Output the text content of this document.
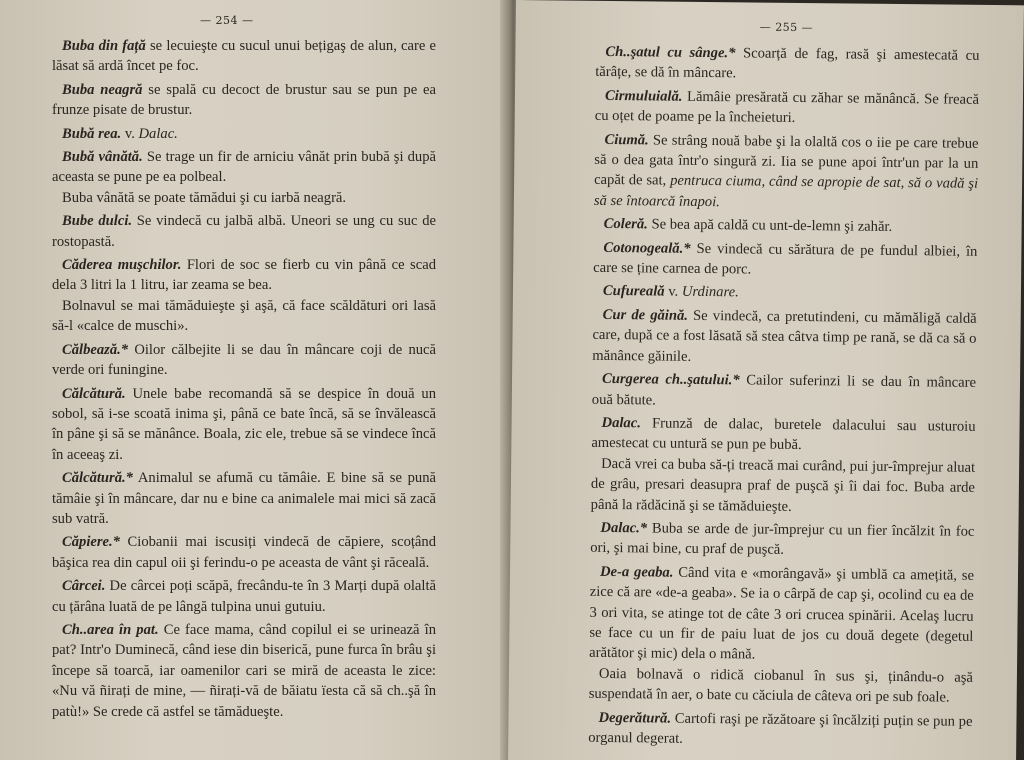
— 254 —

Buba din față se lecuieşte cu sucul unui bețigaş de alun, care e lăsat să ardă încet pe foc.

Buba neagră se spală cu decoct de brustur sau se pun pe ea frunze pisate de brustur.

Bubă rea. v. Dalac.

Bubă vânătă. Se trage un fir de arniciu vânăt prin bubă şi după aceasta se pune pe ea polbeal.

Buba vânătă se poate tămădui şi cu iarbă neagră.

Bube dulci. Se vindecă cu jalbă albă. Uneori se ung cu suc de rostopastă.

Căderea muşchilor. Flori de soc se fierb cu vin până ce scad dela 3 litri la 1 litru, iar zeama se bea.

Bolnavul se mai tămăduieşte şi aşă, că face scăldături ori lasă să-l «calce de muschi».

Călbează.* Oilor călbejite li se dau în mâncare coji de nucă verde ori funingine.

Călcătură. Unele babe recomandă să se despice în două un sobol, să i-se scoată inima şi, până ce bate încă, să se învălească în pâne şi să se mănânce. Boala, zic ele, trebue să se vindece încă în aceeaş zi.

Călcătură.* Animalul se afumă cu tămâie. E bine să se pună tămâie şi în mâncare, dar nu e bine ca animalele mai mici să zacă sub vatră.

Căpiere.* Ciobanii mai iscusiți vindecă de căpiere, scoțând băşica rea din capul oii şi ferindu-o pe aceasta de vânt şi răceală.

Cârcei. De cârcei poți scăpă, frecându-te în 3 Marți după olaltă cu țărâna luată de pe lângă tulpina unui gutuiu.

Ch..area în pat. Ce face mama, când copilul ei se urinează în pat? Intr'o Duminecă, când iese din biserică, pune furca în brâu şi începe să toarcă, iar oamenilor cari se miră de aceasta le zice: «Nu vă ñirați de mine, — ñirați-vă de băiatu ïesta că să ch..şă în patù!» Se crede că astfel se tămădueşte.

— 255 —

Ch..şatul cu sânge.* Scoarță de fag, rasă şi amestecată cu tărâțe, se dă în mâncare.

Cirmuluială. Lămâie presărată cu zăhar se mănâncă. Se freacă cu oțet de poame pe la încheieturi.

Ciumă. Se strâng nouă babe şi la olaltă cos o iie pe care trebue să o dea gata într'o singură zi. Iia se pune apoi într'un par la un capăt de sat, pentruca ciuma, când se apropie de sat, să o vadă şi să se întoarcă înapoi.

Coleră. Se bea apă caldă cu unt-de-lemn şi zahăr.

Cotonogeală.* Se vindecă cu sărătura de pe fundul albiei, în care se ține carnea de porc.

Cufureală v. Urdinare.

Cur de găină. Se vindecă, ca pretutindeni, cu mămăligă caldă care, după ce a fost lăsată să stea câtva timp pe rană, se dă ca să o mănânce găinile.

Curgerea ch..şatului.* Cailor suferinzi li se dau în mâncare ouă bătute.

Dalac. Frunză de dalac, buretele dalacului sau usturoiu amestecat cu untură se pun pe bubă.

Dacă vrei ca buba să-ți treacă mai curând, pui jur-împrejur aluat de grâu, presari deasupra praf de puşcă şi îi dai foc. Buba arde până la rădăcină şi se tămăduieşte.

Dalac.* Buba se arde de jur-împrejur cu un fier încălzit în foc ori, şi mai bine, cu praf de puşcă.

De-a geaba. Când vita e «morângavă» şi umblă ca amețită, se zice că are «de-a geaba». Se ia o cârpă de cap şi, ocolind cu ea de 3 ori vita, se atinge tot de câte 3 ori crucea spinării. Acelaş lucru se face cu un fir de paiu luat de jos cu două degete (degetul arătător şi mic) dela o mână.

Oaia bolnavă o ridică ciobanul în sus şi, ținându-o aşă suspendată în aer, o bate cu căciula de câteva ori pe sub foale.

Degerătură. Cartofi raşi pe răzătoare şi încălziți puțin se pun pe organul degerat.
